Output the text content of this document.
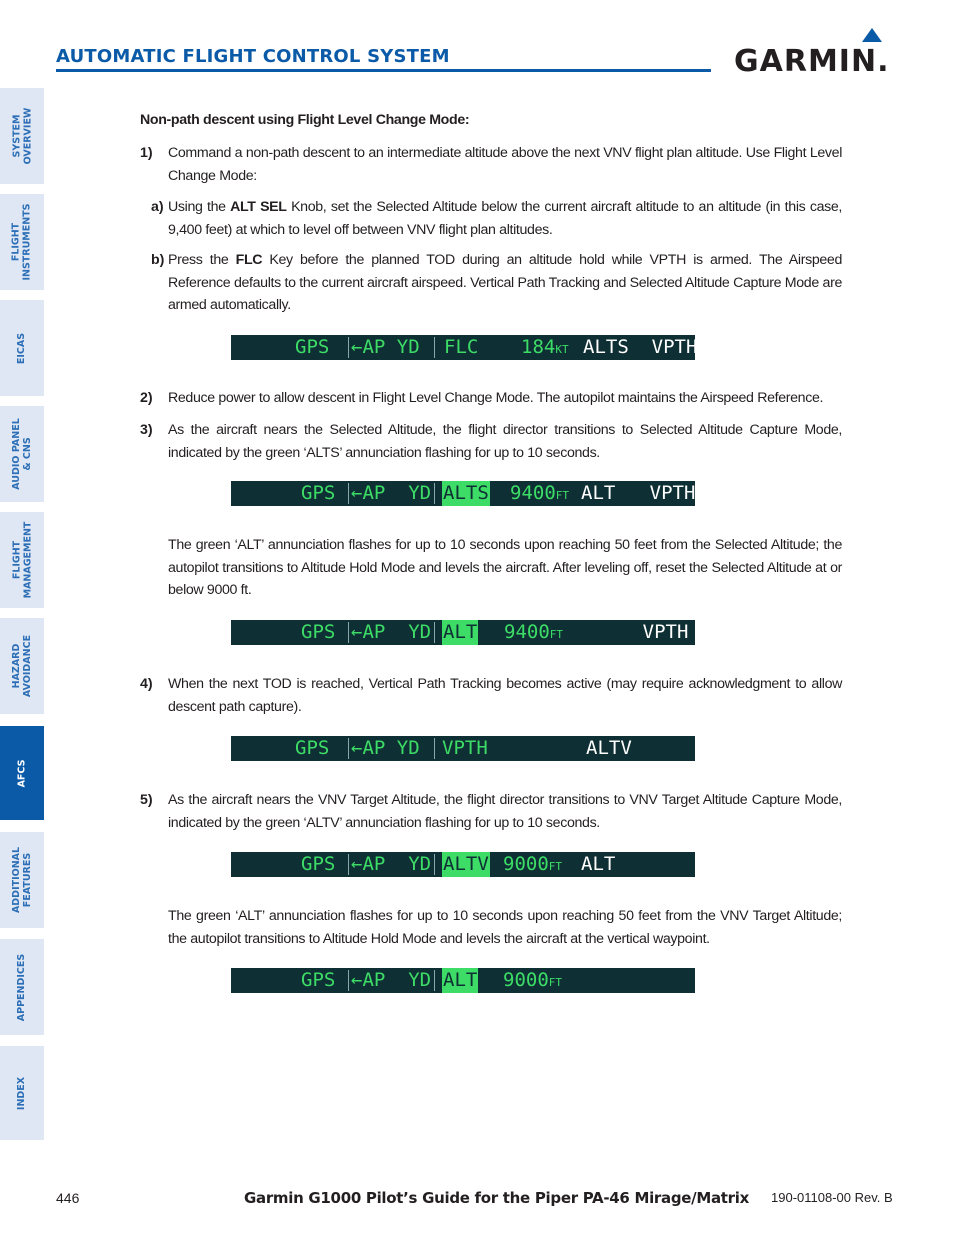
AUTOMATIC FLIGHT CONTROL SYSTEM	GARMIN.
SYSTEM
OVERVIEW
FLIGHT
INSTRUMENTS
EICAS
AUDIO PANEL
& CNS
FLIGHT
MANAGEMENT
HAZARD
AVOIDANCE
AFCS
ADDITIONAL
FEATURES
APPENDICES
INDEX
Non-path descent using Flight Level Change Mode:
1) Command a non-path descent to an intermediate altitude above the next VNV flight plan altitude. Use Flight Level Change Mode:
a) Using the ALT SEL Knob, set the Selected Altitude below the current aircraft altitude to an altitude (in this case, 9,400 feet) at which to level off between VNV flight plan altitudes.
b) Press the FLC Key before the planned TOD during an altitude hold while VPTH is armed. The Airspeed Reference defaults to the current aircraft airspeed. Vertical Path Tracking and Selected Altitude Capture Mode are armed automatically.
2) Reduce power to allow descent in Flight Level Change Mode. The autopilot maintains the Airspeed Reference.
3) As the aircraft nears the Selected Altitude, the flight director transitions to Selected Altitude Capture Mode, indicated by the green ‘ALTS’ annunciation flashing for up to 10 seconds.
The green ‘ALT’ annunciation flashes for up to 10 seconds upon reaching 50 feet from the Selected Altitude; the autopilot transitions to Altitude Hold Mode and levels the aircraft. After leveling off, reset the Selected Altitude at or below 9000 ft.
4) When the next TOD is reached, Vertical Path Tracking becomes active (may require acknowledgment to allow descent path capture).
5) As the aircraft nears the VNV Target Altitude, the flight director transitions to VNV Target Altitude Capture Mode, indicated by the green ‘ALTV’ annunciation flashing for up to 10 seconds.
The green ‘ALT’ annunciation flashes for up to 10 seconds upon reaching 50 feet from the VNV Target Altitude; the autopilot transitions to Altitude Hold Mode and levels the aircraft at the vertical waypoint.
GPS ←AP YD FLC 184KT ALTS  VPTH
GPS ←AP  YD ALTS 9400FT ALT   VPTH
GPS ←AP  YD ALT 9400FT VPTH
GPS ←AP YD VPTH	ALTV
GPS ←AP  YD ALTV 9000FT ALT
GPS ←AP  YD ALT 9000FT
446	Garmin G1000 Pilot’s Guide for the Piper PA-46 Mirage/Matrix 190-01108-00 Rev. B
